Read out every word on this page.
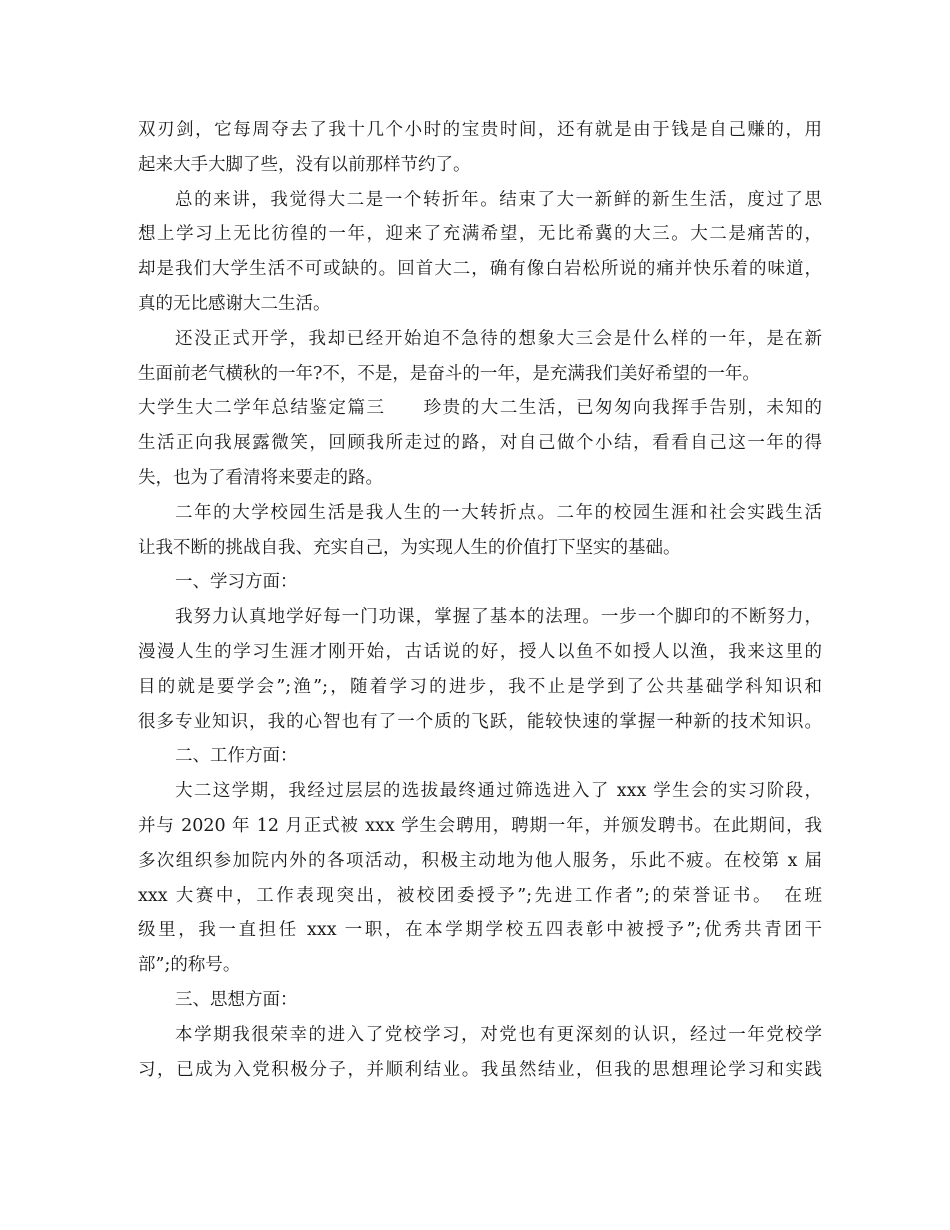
双刃剑，它每周夺去了我十几个小时的宝贵时间，还有就是由于钱是自己赚的，用
起来大手大脚了些，没有以前那样节约了。
总的来讲，我觉得大二是一个转折年。结束了大一新鲜的新生生活，度过了思
想上学习上无比彷徨的一年，迎来了充满希望，无比希冀的大三。大二是痛苦的，
却是我们大学生活不可或缺的。回首大二，确有像白岩松所说的痛并快乐着的味道，
真的无比感谢大二生活。
还没正式开学，我却已经开始迫不急待的想象大三会是什么样的一年，是在新
生面前老气横秋的一年?不，不是，是奋斗的一年，是充满我们美好希望的一年。
大学生大二学年总结鉴定篇三　　珍贵的大二生活，已匆匆向我挥手告别，未知的
生活正向我展露微笑，回顾我所走过的路，对自己做个小结，看看自己这一年的得
失，也为了看清将来要走的路。
二年的大学校园生活是我人生的一大转折点。二年的校园生涯和社会实践生活
让我不断的挑战自我、充实自己，为实现人生的价值打下坚实的基础。
一、学习方面：
我努力认真地学好每一门功课，掌握了基本的法理。一步一个脚印的不断努力，
漫漫人生的学习生涯才刚开始，古话说的好，授人以鱼不如授人以渔，我来这里的
目的就是要学会”;渔”;，随着学习的进步，我不止是学到了公共基础学科知识和
很多专业知识，我的心智也有了一个质的飞跃，能较快速的掌握一种新的技术知识。
二、工作方面：
大二这学期，我经过层层的选拔最终通过筛选进入了 xxx 学生会的实习阶段，
并与 2020 年 12 月正式被 xxx 学生会聘用，聘期一年，并颁发聘书。在此期间，我
多次组织参加院内外的各项活动，积极主动地为他人服务，乐此不疲。在校第 x 届
xxx 大赛中，工作表现突出，被校团委授予”;先进工作者”;的荣誉证书。　在班
级里，我一直担任 xxx 一职，在本学期学校五四表彰中被授予”;优秀共青团干
部”;的称号。
三、思想方面：
本学期我很荣幸的进入了党校学习，对党也有更深刻的认识，经过一年党校学
习，已成为入党积极分子，并顺利结业。我虽然结业，但我的思想理论学习和实践
